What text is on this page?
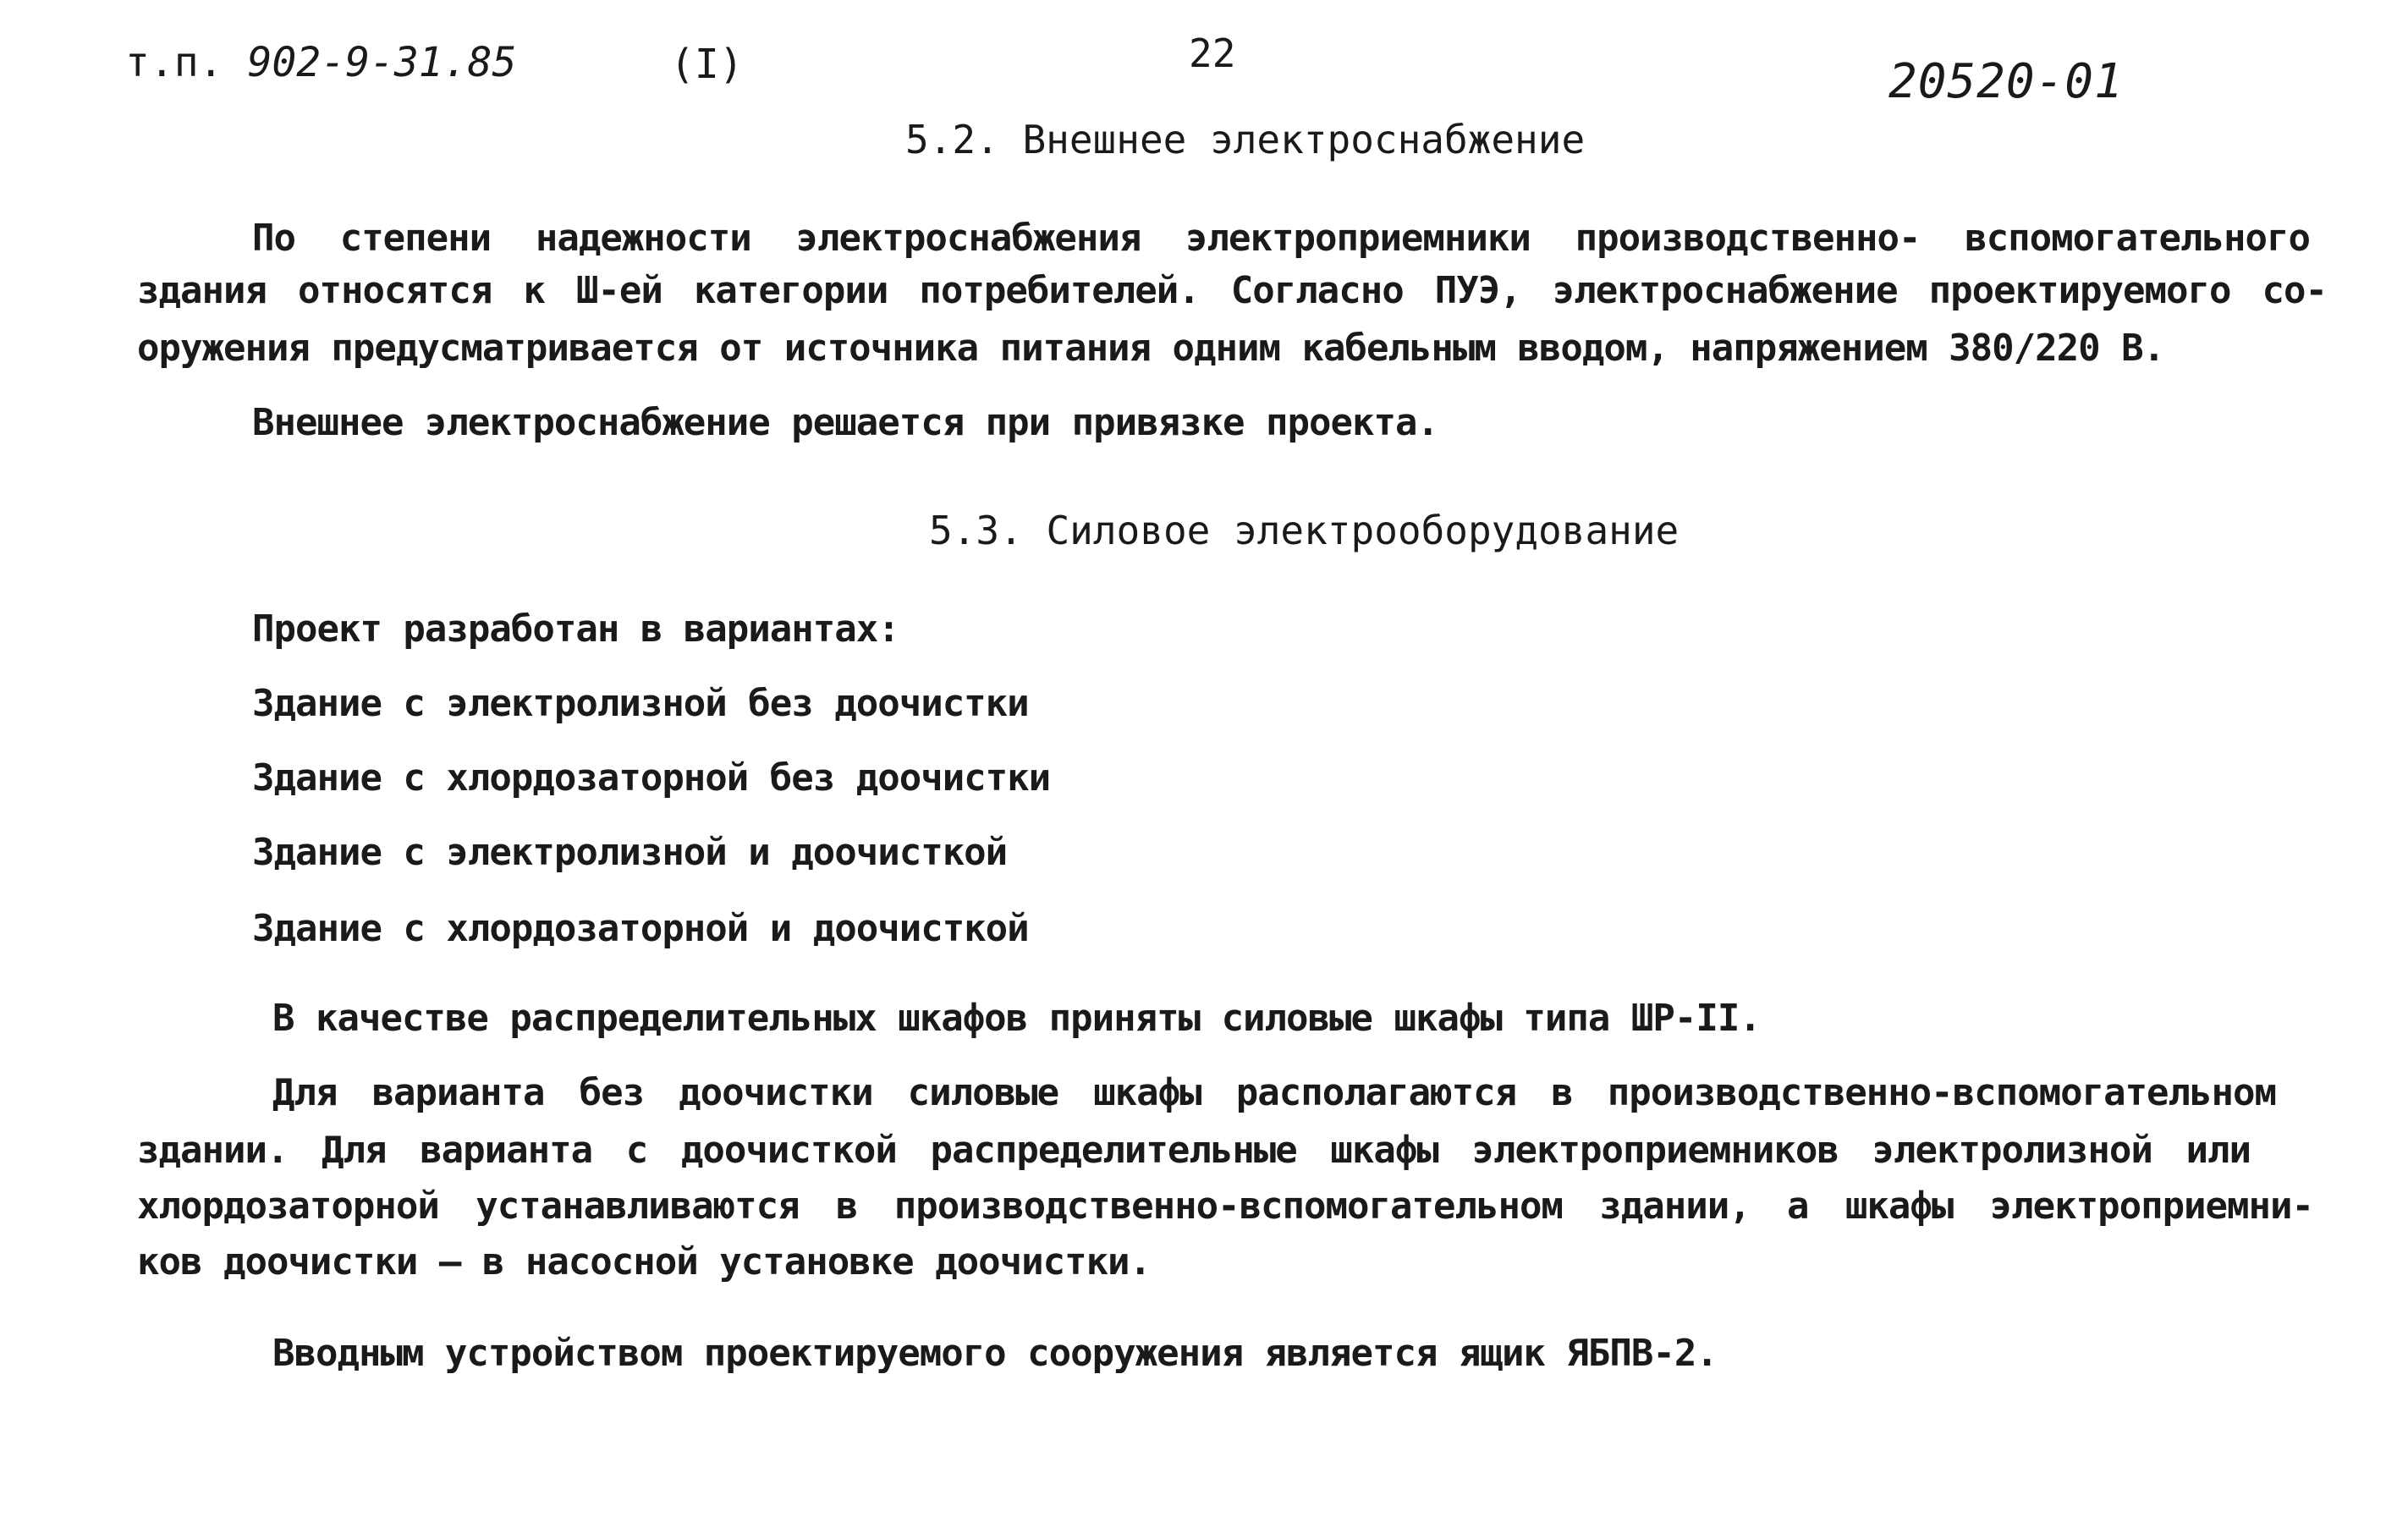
т.п. 902-9-31.85	(I)	22
20520-01
5.2. Внешнее электроснабжение
По степени надежности электроснабжения электроприемники производственно- вспомогательного
здания относятся к Ш-ей категории потребителей. Согласно ПУЭ, электроснабжение проектируемого со-
оружения предусматривается от источника питания одним кабельным вводом, напряжением 380/220 В.
Внешнее электроснабжение решается при привязке проекта.
5.3. Силовое электрооборудование
Проект разработан в вариантах:
Здание с электролизной без доочистки
Здание с хлордозаторной без доочистки
Здание с электролизной и доочисткой
Здание с хлордозаторной и доочисткой
В качестве распределительных шкафов приняты силовые шкафы типа ШР-II.
Для варианта без доочистки силовые шкафы располагаются в производственно-вспомогательном
здании. Для варианта с доочисткой распределительные шкафы электроприемников электролизной или
хлордозаторной устанавливаются в производственно-вспомогательном здании, а шкафы электроприемни-
ков доочистки – в насосной установке доочистки.
Вводным устройством проектируемого сооружения является ящик ЯБПВ-2.
